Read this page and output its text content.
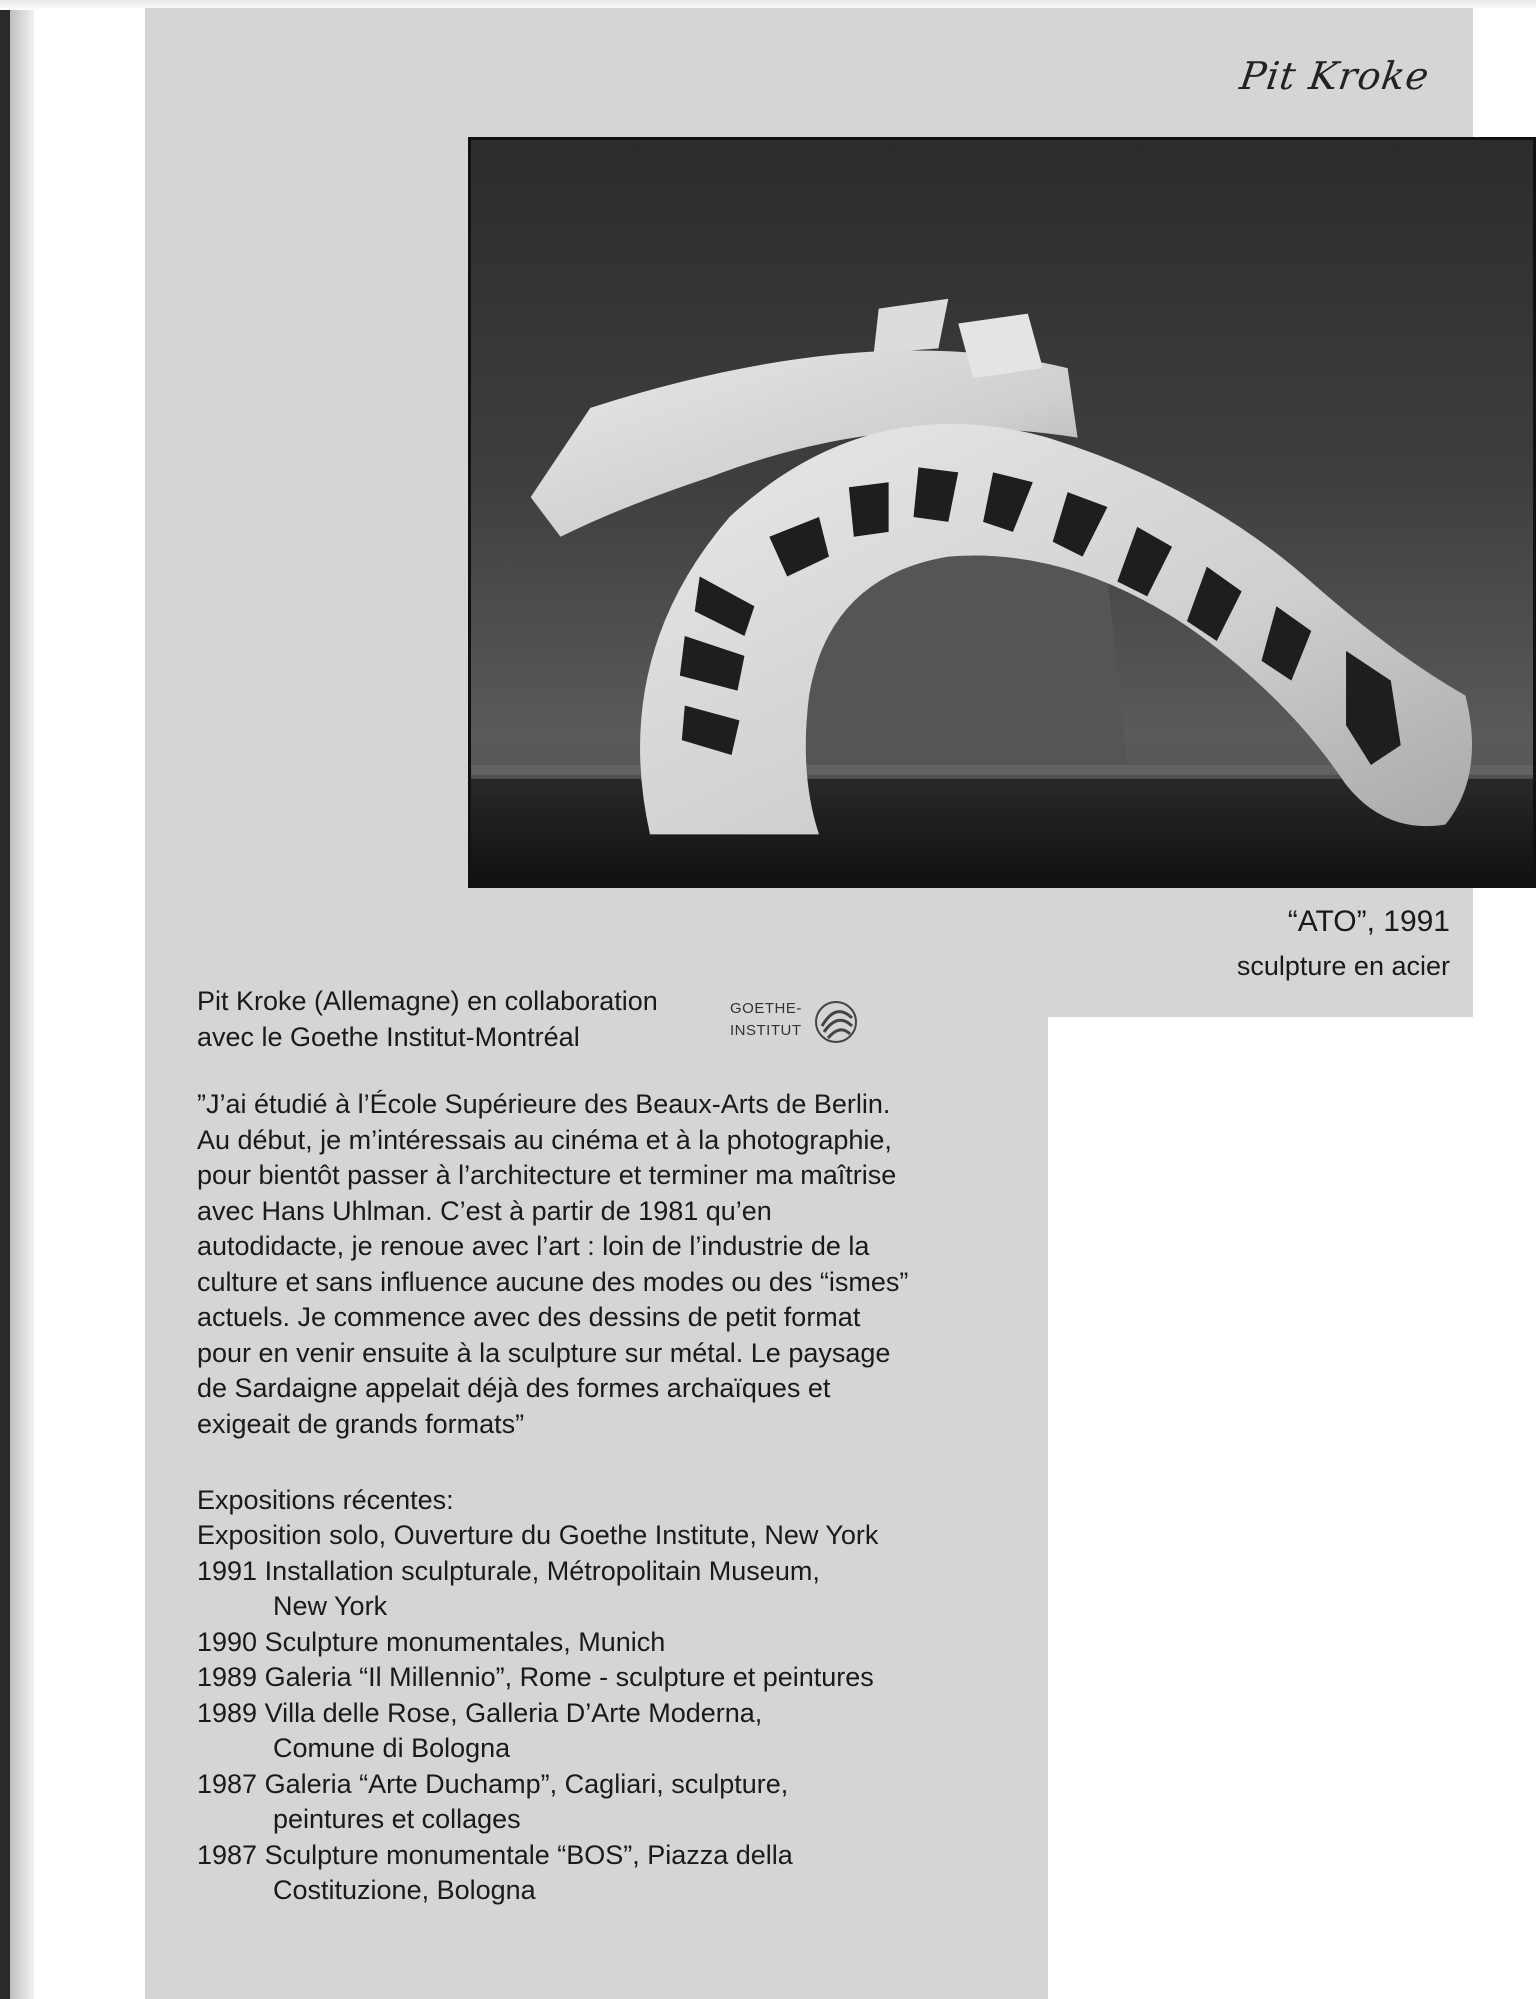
Pit Kroke
“ATO”, 1991
sculpture en acier
Pit Kroke (Allemagne) en collaboration
avec le Goethe Institut-Montréal
GOETHE-
INSTITUT
”J’ai étudié à l’École Supérieure des Beaux-Arts de Berlin.
Au début, je m’intéressais au cinéma et à la photographie,
pour bientôt passer à l’architecture et terminer ma maîtrise
avec Hans Uhlman. C’est à partir de 1981 qu’en
autodidacte, je renoue avec l’art : loin de l’industrie de la
culture et sans influence aucune des modes ou des “ismes”
actuels. Je commence avec des dessins de petit format
pour en venir ensuite à la sculpture sur métal. Le paysage
de Sardaigne appelait déjà des formes archaïques et
exigeait de grands formats”
Expositions récentes:
Exposition solo, Ouverture du Goethe Institute, New York
1991 Installation sculpturale, Métropolitain Museum,
New York
1990 Sculpture monumentales, Munich
1989 Galeria “Il Millennio”, Rome - sculpture et peintures
1989 Villa delle Rose, Galleria D’Arte Moderna,
Comune di Bologna
1987 Galeria “Arte Duchamp”, Cagliari, sculpture,
peintures et collages
1987 Sculpture monumentale “BOS”, Piazza della
Costituzione, Bologna
